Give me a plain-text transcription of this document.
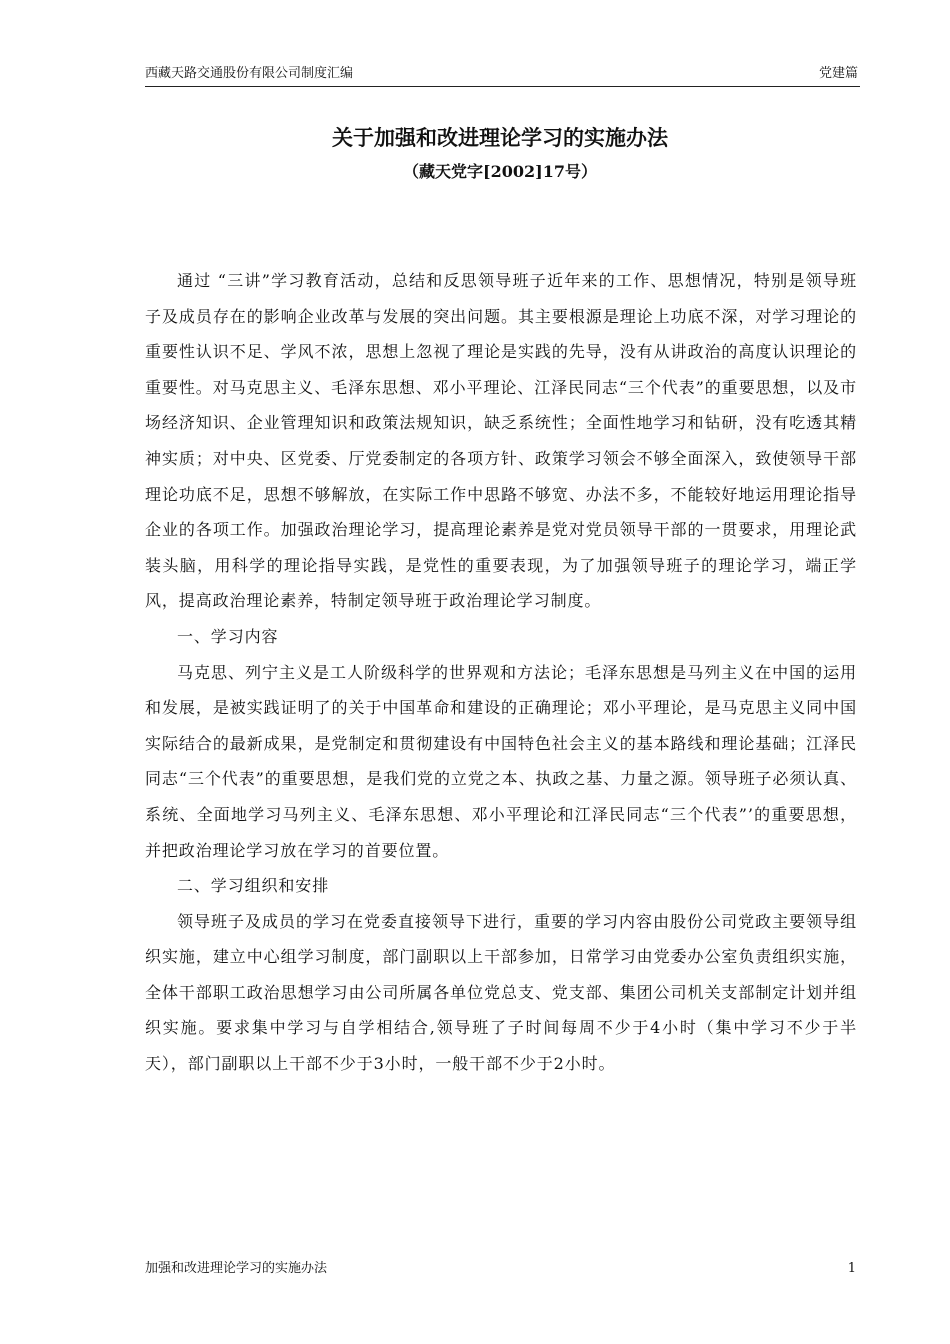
西藏天路交通股份有限公司制度汇编	党建篇
关于加强和改进理论学习的实施办法
（藏天党字[2002]17号）

通过 “三讲”学习教育活动，总结和反思领导班子近年来的工作、思想情况，特别是领导班子及成员存在的影响企业改革与发展的突出问题。其主要根源是理论上功底不深，对学习理论的重要性认识不足、学风不浓，思想上忽视了理论是实践的先导，没有从讲政治的高度认识理论的重要性。对马克思主义、毛泽东思想、邓小平理论、江泽民同志“三个代表”的重要思想，以及市场经济知识、企业管理知识和政策法规知识，缺乏系统性；全面性地学习和钻研，没有吃透其精神实质；对中央、区党委、厅党委制定的各项方针、政策学习领会不够全面深入，致使领导干部理论功底不足，思想不够解放，在实际工作中思路不够宽、办法不多，不能较好地运用理论指导企业的各项工作。加强政治理论学习，提高理论素养是党对党员领导干部的一贯要求，用理论武装头脑，用科学的理论指导实践，是党性的重要表现，为了加强领导班子的理论学习，端正学风，提高政治理论素养，特制定领导班于政治理论学习制度。

一、学习内容

马克思、列宁主义是工人阶级科学的世界观和方法论；毛泽东思想是马列主义在中国的运用和发展，是被实践证明了的关于中国革命和建设的正确理论；邓小平理论，是马克思主义同中国实际结合的最新成果，是党制定和贯彻建设有中国特色社会主义的基本路线和理论基础；江泽民同志“三个代表”的重要思想，是我们党的立党之本、执政之基、力量之源。领导班子必须认真、系统、全面地学习马列主义、毛泽东思想、邓小平理论和江泽民同志“三个代表”’的重要思想，并把政治理论学习放在学习的首要位置。

二、学习组织和安排

领导班子及成员的学习在党委直接领导下进行，重要的学习内容由股份公司党政主要领导组织实施，建立中心组学习制度，部门副职以上干部参加，日常学习由党委办公室负责组织实施，全体干部职工政治思想学习由公司所属各单位党总支、党支部、集团公司机关支部制定计划并组织实施。要求集中学习与自学相结合,领导班了子时间每周不少于4小时（集中学习不少于半天），部门副职以上干部不少于3小时，一般干部不少于2小时。

加强和改进理论学习的实施办法	1
